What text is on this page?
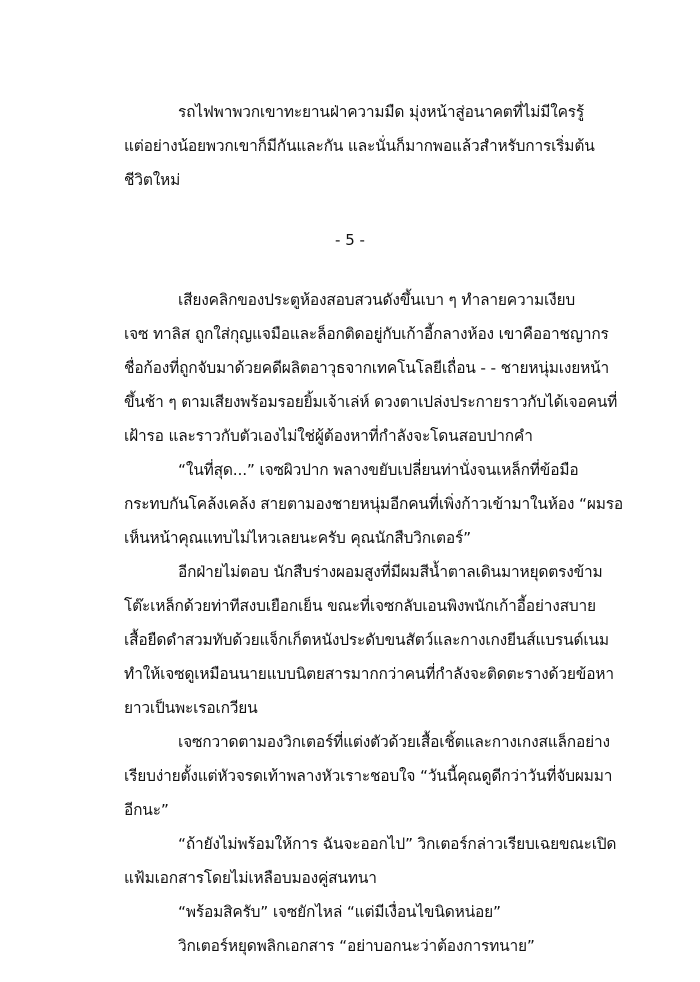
รถไฟพาพวกเขาทะยานฝ่าความมืด มุ่งหน้าสู่อนาคตที่ไม่มีใครรู้
แต่อย่างน้อยพวกเขาก็มีกันและกัน และนั่นก็มากพอแล้วสำหรับการเริ่มต้น
ชีวิตใหม่
- 5 -
เสียงคลิกของประตูห้องสอบสวนดังขึ้นเบา ๆ ทำลายความเงียบ
เจซ ทาลิส ถูกใส่กุญแจมือและล็อกติดอยู่กับเก้าอี้กลางห้อง เขาคืออาชญากร
ชื่อก้องที่ถูกจับมาด้วยคดีผลิตอาวุธจากเทคโนโลยีเถื่อน - - ชายหนุ่มเงยหน้า
ขึ้นช้า ๆ ตามเสียงพร้อมรอยยิ้มเจ้าเล่ห์ ดวงตาเปล่งประกายราวกับได้เจอคนที่
เฝ้ารอ และราวกับตัวเองไม่ใช่ผู้ต้องหาที่กำลังจะโดนสอบปากคำ
“ในที่สุด...” เจซผิวปาก พลางขยับเปลี่ยนท่านั่งจนเหล็กที่ข้อมือ
กระทบกันโคล้งเคล้ง สายตามองชายหนุ่มอีกคนที่เพิ่งก้าวเข้ามาในห้อง “ผมรอ
เห็นหน้าคุณแทบไม่ไหวเลยนะครับ คุณนักสืบวิกเตอร์”
อีกฝ่ายไม่ตอบ นักสืบร่างผอมสูงที่มีผมสีน้ำตาลเดินมาหยุดตรงข้าม
โต๊ะเหล็กด้วยท่าทีสงบเยือกเย็น ขณะที่เจซกลับเอนพิงพนักเก้าอี้อย่างสบาย
เสื้อยืดดำสวมทับด้วยแจ็กเก็ตหนังประดับขนสัตว์และกางเกงยีนส์แบรนด์เนม
ทำให้เจซดูเหมือนนายแบบนิตยสารมากกว่าคนที่กำลังจะติดตะรางด้วยข้อหา
ยาวเป็นพะเรอเกวียน
เจซกวาดตามองวิกเตอร์ที่แต่งตัวด้วยเสื้อเชิ้ตและกางเกงสแล็กอย่าง
เรียบง่ายตั้งแต่หัวจรดเท้าพลางหัวเราะชอบใจ “วันนี้คุณดูดีกว่าวันที่จับผมมา
อีกนะ”
“ถ้ายังไม่พร้อมให้การ ฉันจะออกไป” วิกเตอร์กล่าวเรียบเฉยขณะเปิด
แฟ้มเอกสารโดยไม่เหลือบมองคู่สนทนา
“พร้อมสิครับ” เจซยักไหล่ “แต่มีเงื่อนไขนิดหน่อย”
วิกเตอร์หยุดพลิกเอกสาร “อย่าบอกนะว่าต้องการทนาย”
